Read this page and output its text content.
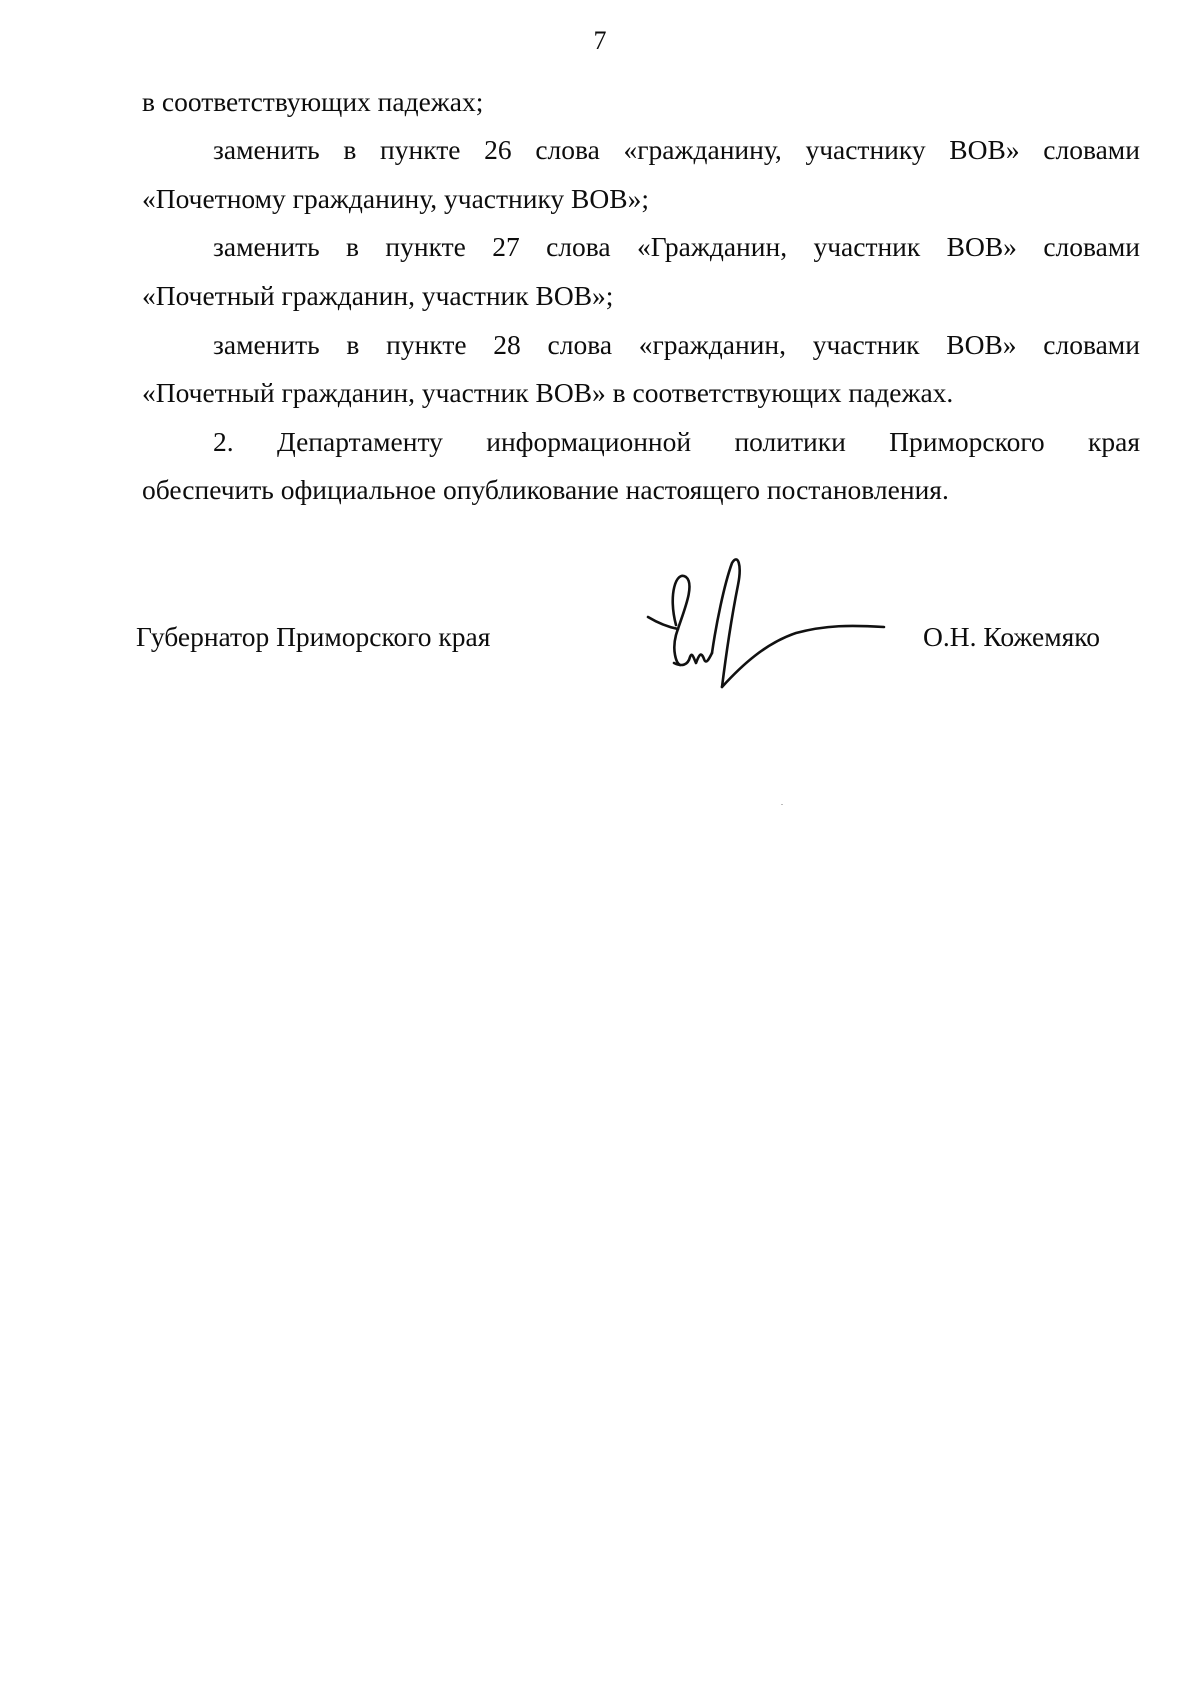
7

в соответствующих падежах;

заменить в пункте 26 слова «гражданину, участнику ВОВ» словами

«Почетному гражданину, участнику ВОВ»;

заменить в пункте 27 слова «Гражданин, участник ВОВ» словами

«Почетный гражданин, участник ВОВ»;

заменить в пункте 28 слова «гражданин, участник ВОВ» словами

«Почетный гражданин, участник ВОВ» в соответствующих падежах.

2. Департаменту информационной политики Приморского края

обеспечить официальное опубликование настоящего постановления.

Губернатор Приморского края	О.Н. Кожемяко
